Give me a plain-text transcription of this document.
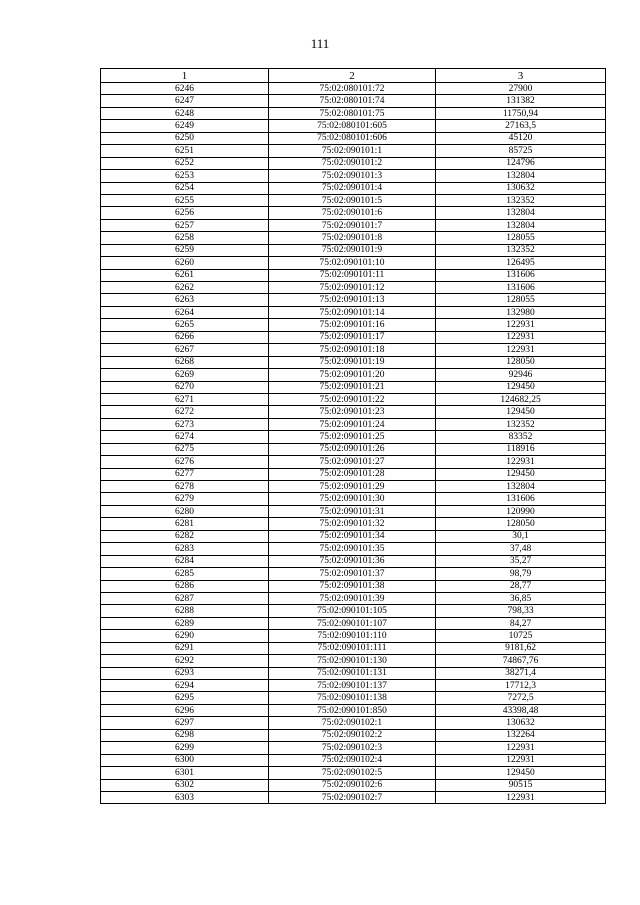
111
1	2	3
6246	75:02:080101:72	27900
6247	75:02:080101:74	131382
6248	75:02:080101:75	11750,94
6249	75:02:080101:605	27163,5
6250	75:02:080101:606	45120
6251	75:02:090101:1	85725
6252	75:02:090101:2	124796
6253	75:02:090101:3	132804
6254	75:02:090101:4	130632
6255	75:02:090101:5	132352
6256	75:02:090101:6	132804
6257	75:02:090101:7	132804
6258	75:02:090101:8	128055
6259	75:02:090101:9	132352
6260	75:02:090101:10	126495
6261	75:02:090101:11	131606
6262	75:02:090101:12	131606
6263	75:02:090101:13	128055
6264	75:02:090101:14	132980
6265	75:02:090101:16	122931
6266	75:02:090101:17	122931
6267	75:02:090101:18	122931
6268	75:02:090101:19	128050
6269	75:02:090101:20	92946
6270	75:02:090101:21	129450
6271	75:02:090101:22	124682,25
6272	75:02:090101:23	129450
6273	75:02:090101:24	132352
6274	75:02:090101:25	83352
6275	75:02:090101:26	118916
6276	75:02:090101:27	122931
6277	75:02:090101:28	129450
6278	75:02:090101:29	132804
6279	75:02:090101:30	131606
6280	75:02:090101:31	120990
6281	75:02:090101:32	128050
6282	75:02:090101:34	30,1
6283	75:02:090101:35	37,48
6284	75:02:090101:36	35,27
6285	75:02:090101:37	98,79
6286	75:02:090101:38	28,77
6287	75:02:090101:39	36,85
6288	75:02:090101:105	798,33
6289	75:02:090101:107	84,27
6290	75:02:090101:110	10725
6291	75:02:090101:111	9181,62
6292	75:02:090101:130	74867,76
6293	75:02:090101:131	38271,4
6294	75:02:090101:137	17712,3
6295	75:02:090101:138	7272,5
6296	75:02:090101:850	43398,48
6297	75:02:090102:1	130632
6298	75:02:090102:2	132264
6299	75:02:090102:3	122931
6300	75:02:090102:4	122931
6301	75:02:090102:5	129450
6302	75:02:090102:6	90515
6303	75:02:090102:7	122931
